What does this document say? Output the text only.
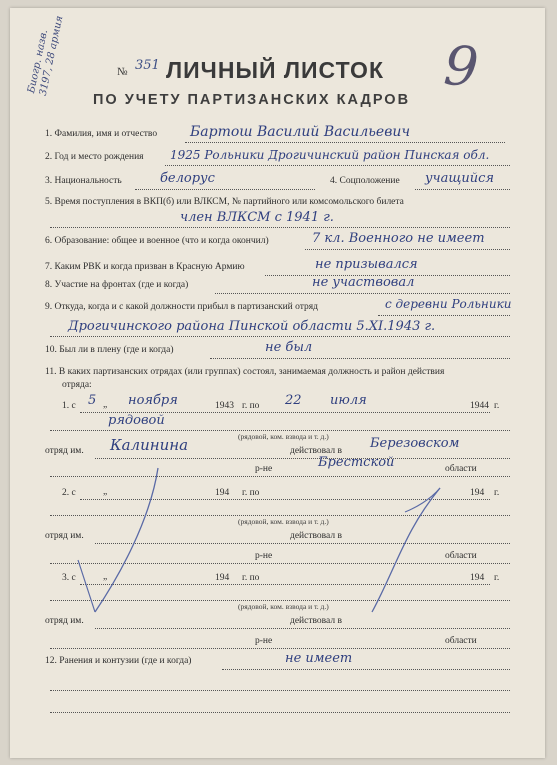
Биогр. назв.
3197, 28 армия	№ 351 ЛИЧНЫЙ ЛИСТОК
ПО УЧЕТУ ПАРТИЗАНСКИХ КАДРОВ
9
1. Фамилия, имя и отчество Бартош Василий Васильевич
2. Год и место рождения 1925 Рольники Дрогичинский район Пинская обл.
3. Национальность	белорус	4. Соцположение учащийся
5. Время поступления в ВКП(б) или ВЛКСМ, № партийного или комсомольского билета
член ВЛКСМ с 1941 г.
6. Образование: общее и военное (что и когда окончил)	7 кл. Военного не имеет
7. Каким РВК и когда призван в Красную Армию	не призывался
8. Участие на фронтах (где и когда)	не участвовал
9. Откуда, когда и с какой должности прибыл в партизанский отряд	с деревни Рольники
Дрогичинского района Пинской области 5.XI.1943 г.
10. Был ли в плену (где и когда)	не был
11. В каких партизанских отрядах (или группах) состоял, занимаемая должность и район действия
отряда:
1. с 5 „ ноября	1943 г. по 22 июля	1944 г.
рядовой
(рядовой, ком. взвода и т. д.)
отряд им. Калинина	действовал в Березовском
р-не	Брестской	области
2. с	„	194 г. по	194 г.
(рядовой, ком. взвода и т. д.)
отряд им.	действовал в
р-не	области
3. с	„	194 г. по	194 г.
(рядовой, ком. взвода и т. д.)
отряд им.	действовал в
р-не	области
12. Ранения и контузии (где и когда)	не имеет
